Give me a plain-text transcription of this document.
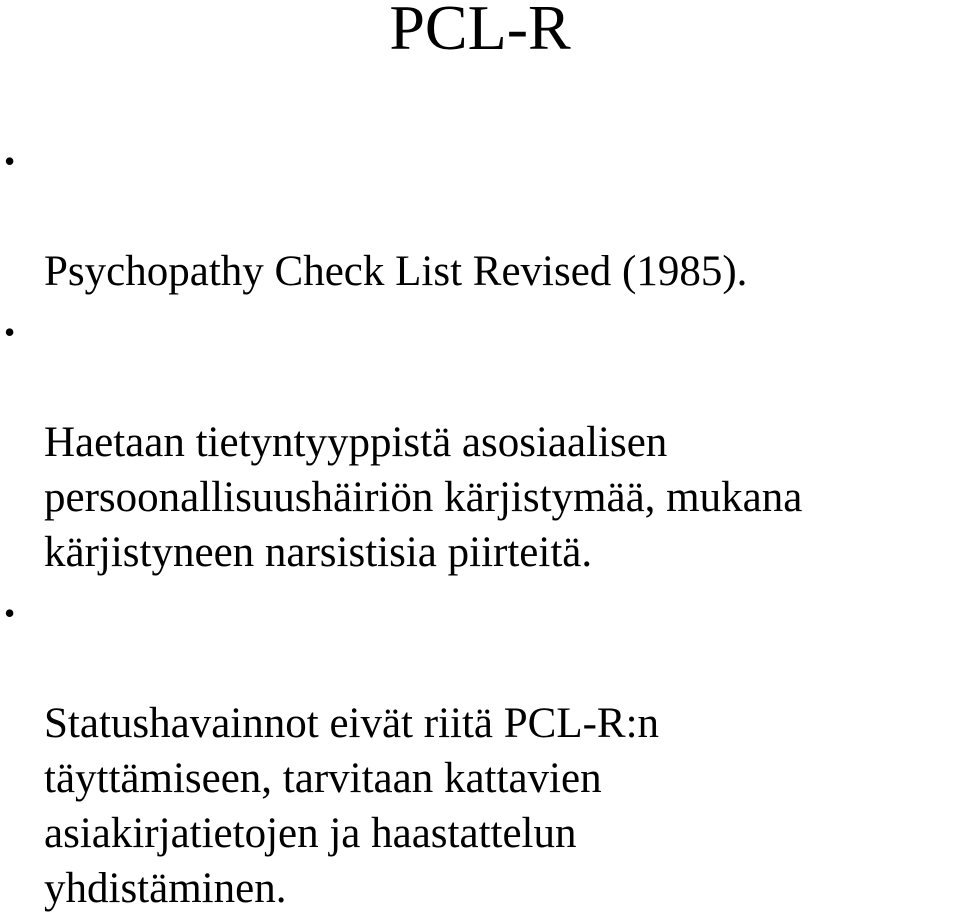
PCL-R

•

Psychopathy Check List Revised (1985).

•

Haetaan tietyntyyppistä asosiaalisen
persoonallisuushäiriön kärjistymää, mukana
kärjistyneen narsistisia piirteitä.

•

Statushavainnot eivät riitä PCL-R:n
täyttämiseen, tarvitaan kattavien
asiakirjatietojen ja haastattelun
yhdistäminen.
